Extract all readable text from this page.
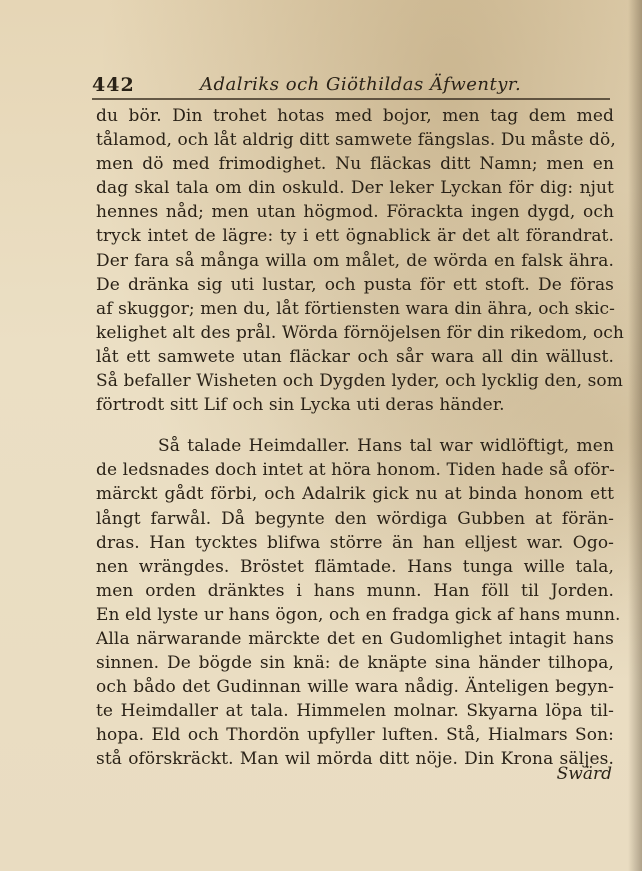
442	Adalriks och Giöthildas Äfwentyr.
du bör. Din trohet hotas med bojor, men tag dem med
tålamod, och låt aldrig ditt samwete fängslas. Du måste dö,
men dö med frimodighet. Nu fläckas ditt Namn; men en
dag skal tala om din oskuld. Der leker Lyckan för dig: njut
hennes nåd; men utan högmod. Förackta ingen dygd, och
tryck intet de lägre: ty i ett ögnablick är det alt förandrat.
Der fara så många willa om målet, de wörda en falsk ähra.
De dränka sig uti lustar, och pusta för ett stoft. De föras
af skuggor; men du, låt förtiensten wara din ähra, och skic-
kelighet alt des prål. Wörda förnöjelsen för din rikedom, och
låt ett samwete utan fläckar och sår wara all din wällust.
Så befaller Wisheten och Dygden lyder, och lycklig den, som
förtrodt sitt Lif och sin Lycka uti deras händer.
Så talade Heimdaller. Hans tal war widlöftigt, men
de ledsnades doch intet at höra honom. Tiden hade så oför-
märckt gådt förbi, och Adalrik gick nu at binda honom ett
långt farwål. Då begynte den wördiga Gubben at förän-
dras. Han tycktes blifwa större än han elljest war. Ogo-
nen wrängdes. Bröstet flämtade. Hans tunga wille tala,
men orden dränktes i hans munn. Han föll til Jorden.
En eld lyste ur hans ögon, och en fradga gick af hans munn.
Alla närwarande märckte det en Gudomlighet intagit hans
sinnen. De bögde sin knä: de knäpte sina händer tilhopa,
och bådo det Gudinnan wille wara nådig. Änteligen begyn-
te Heimdaller at tala. Himmelen molnar. Skyarna löpa til-
hopa. Eld och Thordön upfyller luften. Stå, Hialmars Son:
stå oförskräckt. Man wil mörda ditt nöje. Din Krona säljes.
Swärd
